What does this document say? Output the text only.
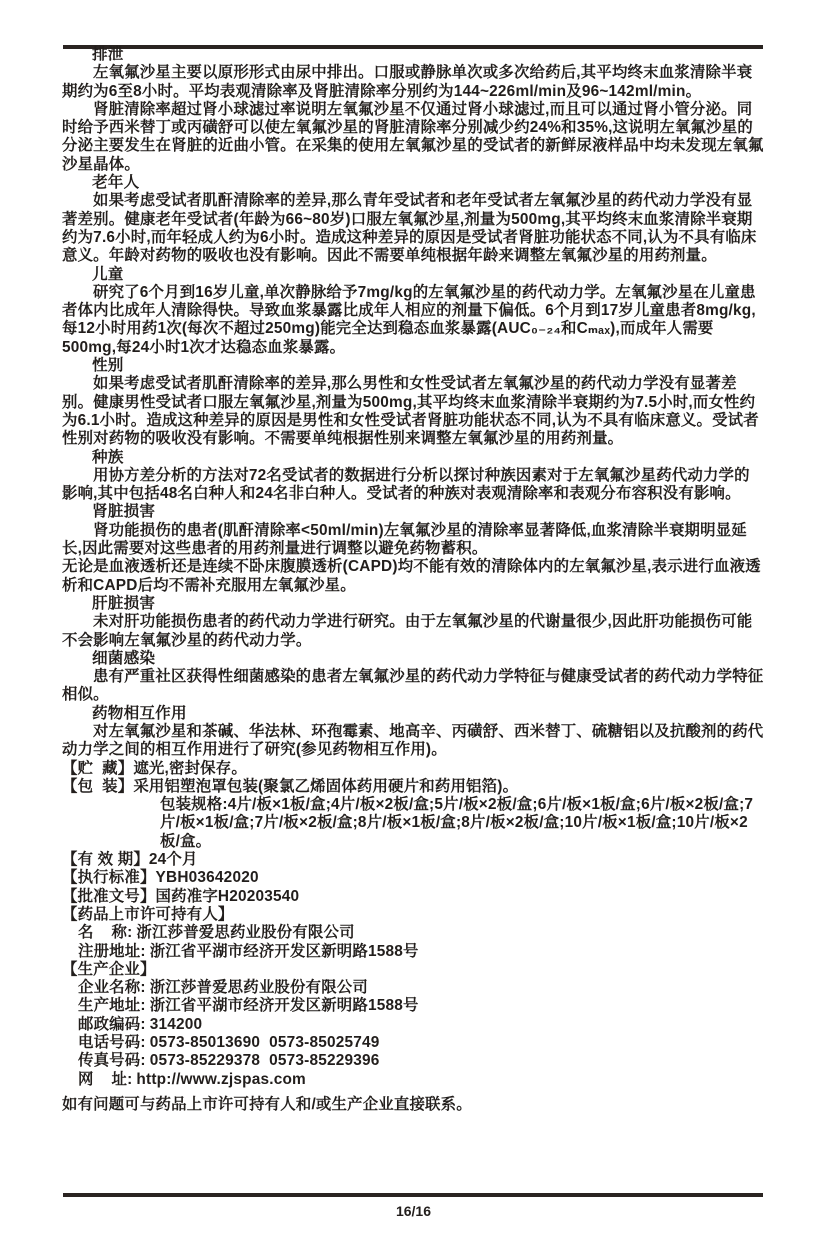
排泄

左氧氟沙星主要以原形形式由尿中排出。口服或静脉单次或多次给药后,其平均终末血浆清除半衰期约为6至8小时。平均表观清除率及肾脏清除率分别约为144~226ml/min及96~142ml/min。

肾脏清除率超过肾小球滤过率说明左氧氟沙星不仅通过肾小球滤过,而且可以通过肾小管分泌。同时给予西米替丁或丙磺舒可以使左氧氟沙星的肾脏清除率分别减少约24%和35%,这说明左氧氟沙星的分泌主要发生在肾脏的近曲小管。在采集的使用左氧氟沙星的受试者的新鲜尿液样品中均未发现左氧氟沙星晶体。

老年人

如果考虑受试者肌酐清除率的差异,那么青年受试者和老年受试者左氧氟沙星的药代动力学没有显著差别。健康老年受试者(年龄为66~80岁)口服左氧氟沙星,剂量为500mg,其平均终末血浆清除半衰期约为7.6小时,而年轻成人约为6小时。造成这种差异的原因是受试者肾脏功能状态不同,认为不具有临床意义。年龄对药物的吸收也没有影响。因此不需要单纯根据年龄来调整左氧氟沙星的用药剂量。

儿童

研究了6个月到16岁儿童,单次静脉给予7mg/kg的左氧氟沙星的药代动力学。左氧氟沙星在儿童患者体内比成年人清除得快。导致血浆暴露比成年人相应的剂量下偏低。6个月到17岁儿童患者8mg/kg,每12小时用药1次(每次不超过250mg)能完全达到稳态血浆暴露(AUC₀₋₂₄和Cₘₐₓ),而成年人需要500mg,每24小时1次才达稳态血浆暴露。

性别

如果考虑受试者肌酐清除率的差异,那么男性和女性受试者左氧氟沙星的药代动力学没有显著差别。健康男性受试者口服左氧氟沙星,剂量为500mg,其平均终末血浆清除半衰期约为7.5小时,而女性约为6.1小时。造成这种差异的原因是男性和女性受试者肾脏功能状态不同,认为不具有临床意义。受试者性别对药物的吸收没有影响。不需要单纯根据性别来调整左氧氟沙星的用药剂量。

种族

用协方差分析的方法对72名受试者的数据进行分析以探讨种族因素对于左氧氟沙星药代动力学的影响,其中包括48名白种人和24名非白种人。受试者的种族对表观清除率和表观分布容积没有影响。

肾脏损害

肾功能损伤的患者(肌酐清除率<50ml/min)左氧氟沙星的清除率显著降低,血浆清除半衰期明显延长,因此需要对这些患者的用药剂量进行调整以避免药物蓄积。

无论是血液透析还是连续不卧床腹膜透析(CAPD)均不能有效的清除体内的左氧氟沙星,表示进行血液透析和CAPD后均不需补充服用左氧氟沙星。

肝脏损害

未对肝功能损伤患者的药代动力学进行研究。由于左氧氟沙星的代谢量很少,因此肝功能损伤可能不会影响左氧氟沙星的药代动力学。

细菌感染

患有严重社区获得性细菌感染的患者左氧氟沙星的药代动力学特征与健康受试者的药代动力学特征相似。

药物相互作用

对左氧氟沙星和茶碱、华法林、环孢霉素、地高辛、丙磺舒、西米替丁、硫糖铝以及抗酸剂的药代动力学之间的相互作用进行了研究(参见药物相互作用)。

【贮  藏】遮光,密封保存。
【包  装】采用铝塑泡罩包装(聚氯乙烯固体药用硬片和药用铝箔)。
包装规格:4片/板×1板/盒;4片/板×2板/盒;5片/板×2板/盒;6片/板×1板/盒;6片/板×2板/盒;7片/板×1板/盒;7片/板×2板/盒;8片/板×1板/盒;8片/板×2板/盒;10片/板×1板/盒;10片/板×2板/盒。
【有 效 期】24个月
【执行标准】YBH03642020
【批准文号】国药准字H20203540
【药品上市许可持有人】
名    称: 浙江莎普爱思药业股份有限公司
注册地址: 浙江省平湖市经济开发区新明路1588号
【生产企业】
企业名称: 浙江莎普爱思药业股份有限公司
生产地址: 浙江省平湖市经济开发区新明路1588号
邮政编码: 314200
电话号码: 0573-85013690  0573-85025749
传真号码: 0573-85229378  0573-85229396
网    址: http://www.zjspas.com
如有问题可与药品上市许可持有人和/或生产企业直接联系。
16/16
